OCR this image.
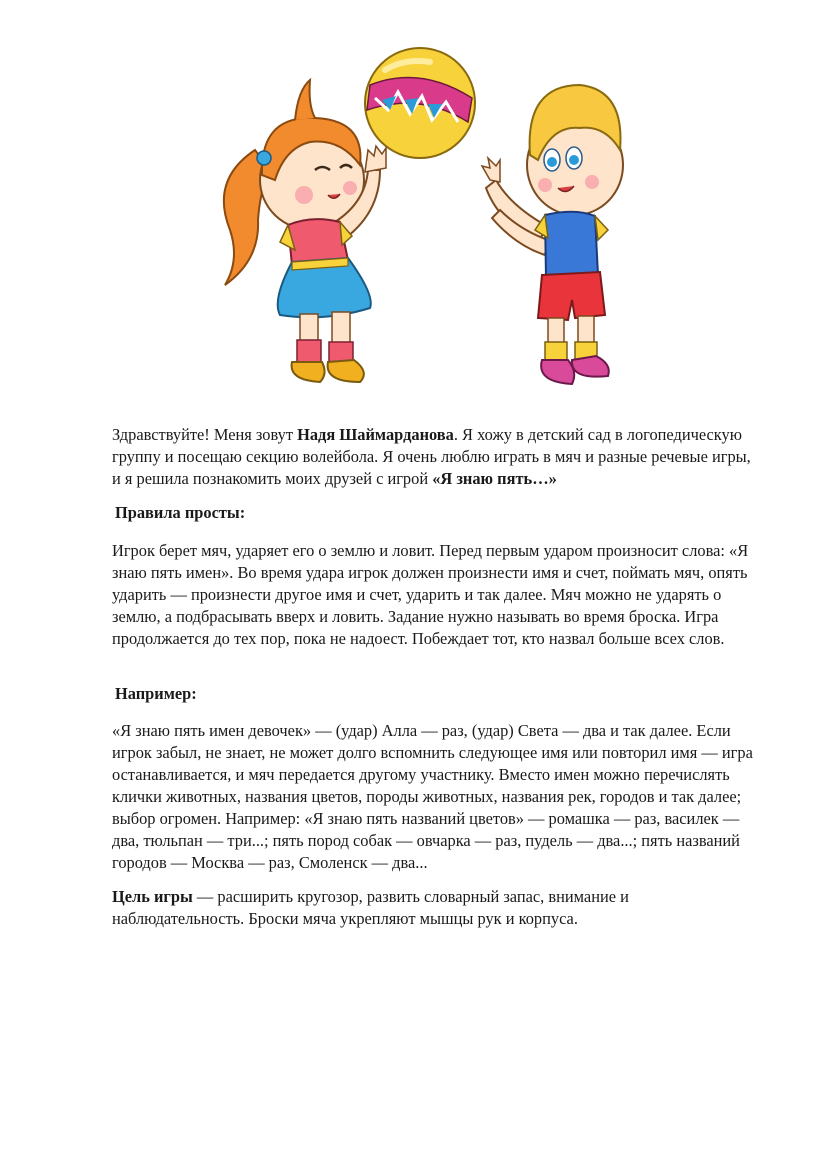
Здравствуйте! Меня зовут Надя Шаймарданова. Я хожу в детский сад в логопедическую группу и посещаю секцию волейбола. Я очень люблю играть в мяч и разные речевые игры, и я решила познакомить моих друзей с игрой «Я знаю пять…»

Правила просты:

Игрок берет мяч, ударяет его о землю и ловит. Перед первым ударом произносит слова: «Я знаю пять имен». Во время удара игрок должен произнести имя и счет, поймать мяч, опять ударить — произнести другое имя и счет, ударить и так далее. Мяч можно не ударять о землю, а подбрасывать вверх и ловить. Задание нужно называть во время броска. Игра продолжается до тех пор, пока не надоест. Побеждает тот, кто назвал больше всех слов.

Например:

«Я знаю пять имен девочек» — (удар) Алла — раз, (удар) Света — два и так далее. Если игрок забыл, не знает, не может долго вспомнить следующее имя или повторил имя — игра останавливается, и мяч передается другому участнику. Вместо имен можно перечислять клички животных, названия цветов, породы животных, названия рек, городов и так далее; выбор огромен. Например: «Я знаю пять названий цветов» — ромашка — раз, василек — два, тюльпан — три...; пять пород собак — овчарка — раз, пудель — два...; пять названий городов — Москва — раз, Смоленск — два...

Цель игры — расширить кругозор, развить словарный запас, внимание и наблюдательность. Броски мяча укрепляют мышцы рук и корпуса.
